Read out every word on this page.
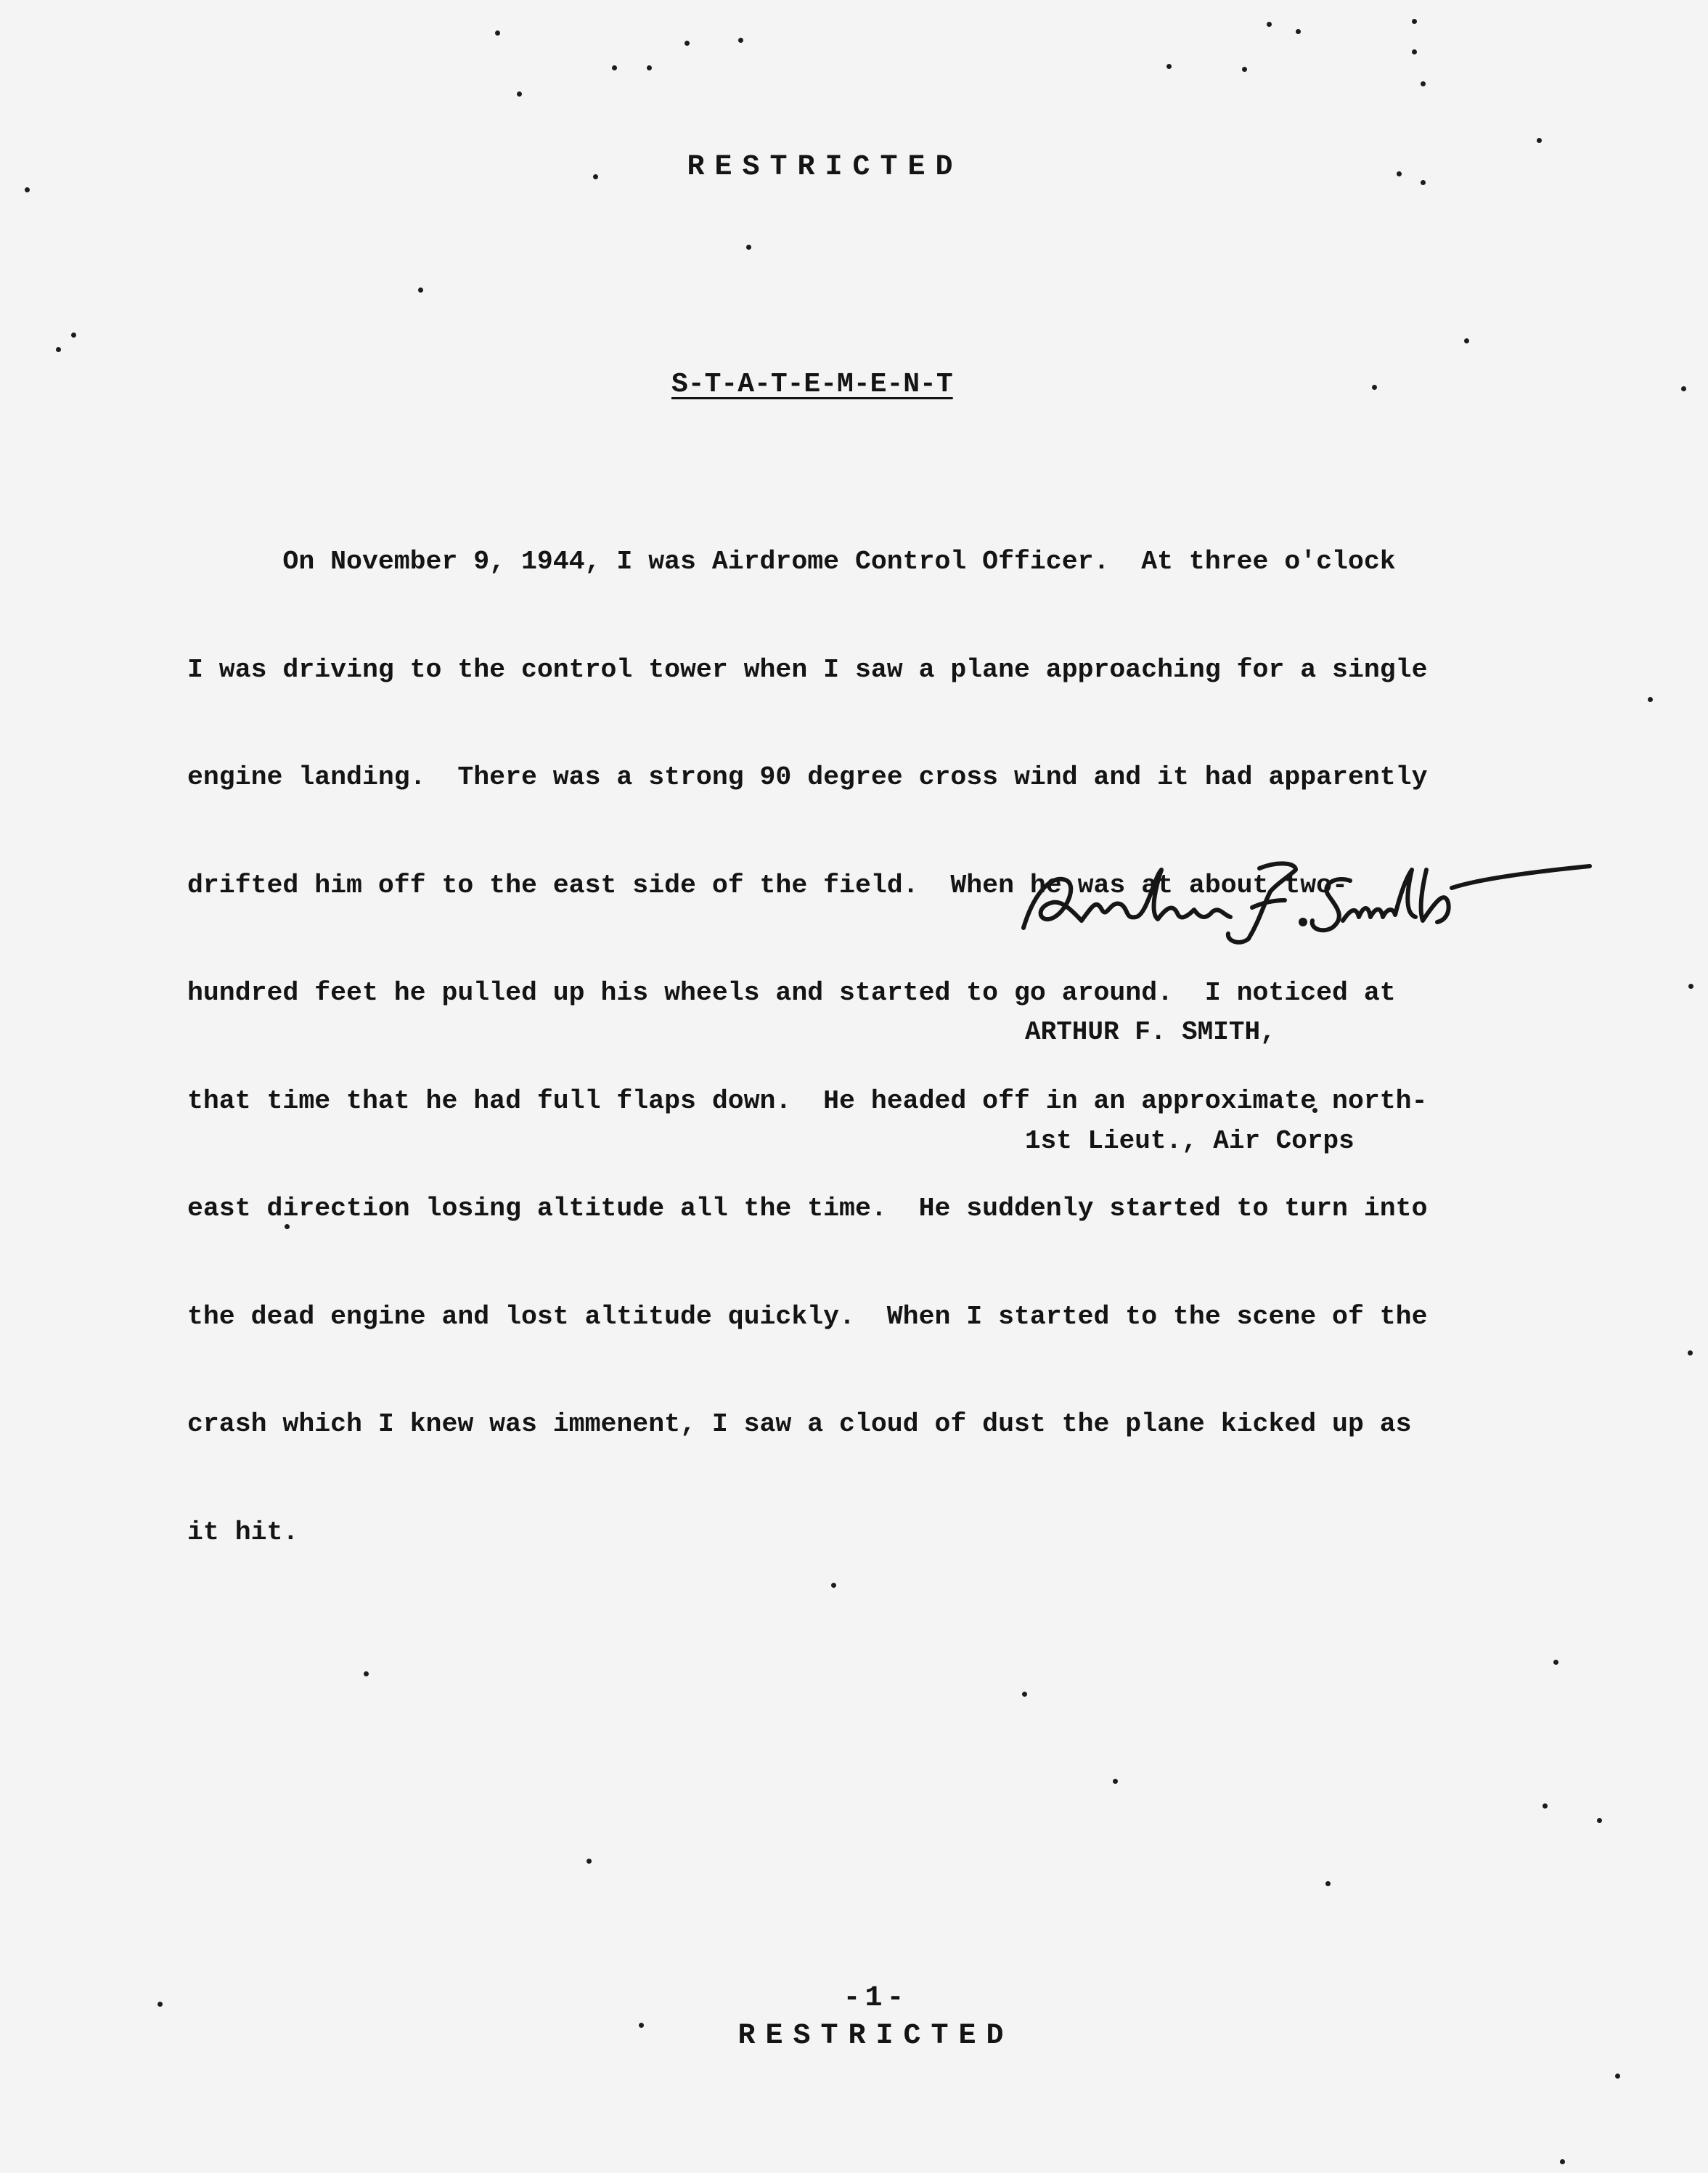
RESTRICTED
S-T-A-T-E-M-E-N-T

On November 9, 1944, I was Airdrome Control Officer.  At three o'clock

I was driving to the control tower when I saw a plane approaching for a single

engine landing.  There was a strong 90 degree cross wind and it had apparently

drifted him off to the east side of the field.  When he was at about two-

hundred feet he pulled up his wheels and started to go around.  I noticed at

that time that he had full flaps down.  He headed off in an approximate north-

east direction losing altitude all the time.  He suddenly started to turn into

the dead engine and lost altitude quickly.  When I started to the scene of the

crash which I knew was immenent, I saw a cloud of dust the plane kicked up as

it hit.

ARTHUR F. SMITH,

1st Lieut., Air Corps

-1-
RESTRICTED
